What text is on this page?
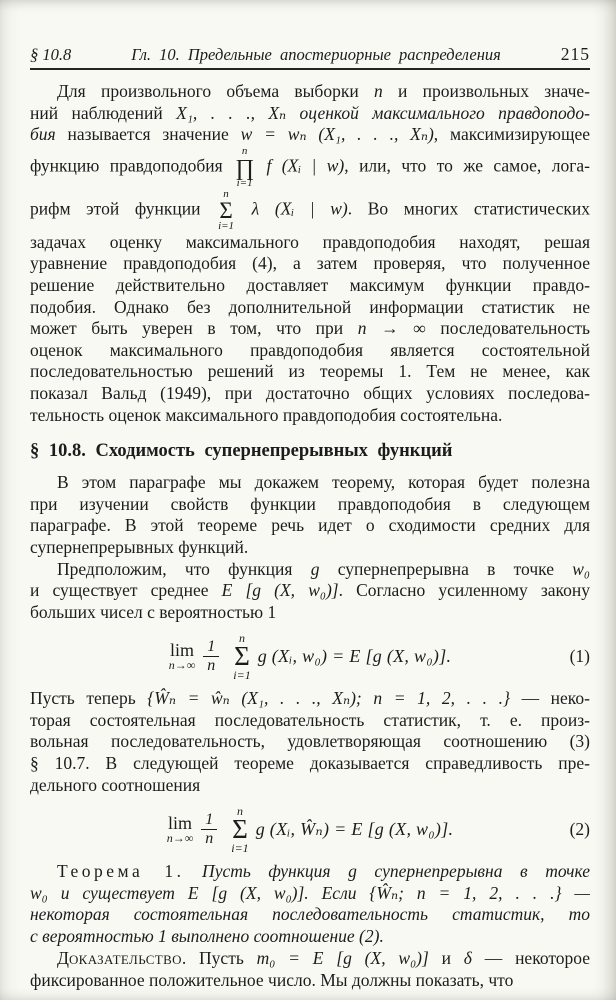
§ 10.8	Гл. 10. Предельные апостериорные распределения	215
Для произвольного объема выборки n и произвольных значе-
ний наблюдений X₁, . . ., Xₙ оценкой максимального правдоподо-
бия называется значение w = wₙ (X₁, . . ., Xₙ), максимизирующее
функцию правдоподобия
n
∏
i=1
f (Xᵢ | w), или, что то же самое, лога-
рифм этой функции
n
Σ
i=1
λ (Xᵢ | w). Во многих статистических
задачах оценку максимального правдоподобия находят, решая
уравнение правдоподобия (4), а затем проверяя, что полученное
решение действительно доставляет максимум функции правдо-
подобия. Однако без дополнительной информации статистик не
может быть уверен в том, что при n → ∞ последовательность
оценок максимального правдоподобия является состоятельной
последовательностью решений из теоремы 1. Тем не менее, как
показал Вальд (1949), при достаточно общих условиях последова-
тельность оценок максимального правдоподобия состоятельна.
§ 10.8. Сходимость супернепрерывных функций
В этом параграфе мы докажем теорему, которая будет полезна
при изучении свойств функции правдоподобия в следующем
параграфе. В этой теореме речь идет о сходимости средних для
супернепрерывных функций.
Предположим, что функция g супернепрерывна в точке w₀
и существует среднее E [g (X, w₀)]. Согласно усиленному закону
больших чисел с вероятностью 1
lim
$n\to\infty \frac{1}{n}$ n
Σ
i=1
g (Xᵢ, w₀) = E [g (X, w₀)].	(1)
Пусть теперь {Ŵₙ = ŵₙ (X₁, . . ., Xₙ); n = 1, 2, . . .} — неко-
торая состоятельная последовательность статистик, т. е. произ-
вольная последовательность, удовлетворяющая соотношению (3)
§ 10.7. В следующей теореме доказывается справедливость пре-
дельного соотношения
lim
$n\to\infty \frac{1}{n}$ n
Σ
i=1
g (Xᵢ, Ŵₙ) = E [g (X, w₀)].	(2)
Теорема 1. Пусть функция g супернепрерывна в точке
w₀ и существует E [g (X, w₀)]. Если {Ŵₙ; n = 1, 2, . . .} —
некоторая состоятельная последовательность статистик, то
с вероятностью 1 выполнено соотношение (2).
ДОКАЗАТЕЛЬСТВО. Пусть m₀ = E [g (X, w₀)] и δ — некоторое
фиксированное положительное число. Мы должны показать, что
